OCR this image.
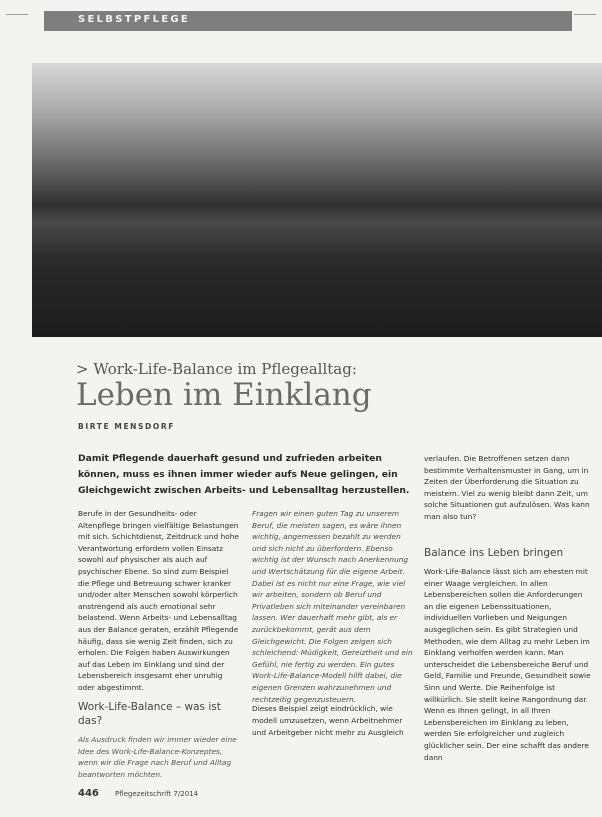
SELBSTPFLEGE
> Work-Life-Balance im Pflegealltag:
Leben im Einklang
BIRTE MENSDORF
Damit Pflegende dauerhaft gesund und zufrieden arbeiten können, muss es ihnen immer wieder aufs Neue gelingen, ein Gleichgewicht zwischen Arbeits- und Lebensalltag herzustellen.
Berufe in der Gesundheits- oder Altenpflege bringen vielfältige Belastungen mit sich. Schichtdienst, Zeitdruck und hohe Verantwortung erfordern vollen Einsatz sowohl auf physischer als auch auf psychischer Ebene. So sind zum Beispiel die Pflege und Betreuung schwer kranker und/oder alter Menschen sowohl körperlich anstrengend als auch emotional sehr belastend. Wenn Arbeits- und Lebensalltag aus der Balance geraten, erzählt Pflegende häufig, dass sie wenig Zeit finden, sich zu erholen. Die Folgen haben Auswirkungen auf das Leben im Einklang und sind der Lebensbereich insgesamt eher unruhig oder abgestimmt.
Work-Life-Balance – was ist das?
Als Ausdruck finden wir immer wieder eine Idee des Work-Life-Balance-Konzeptes, wenn wir die Frage nach Beruf und Alltag beantworten möchten.
Fragen wir einen guten Tag zu unserem Beruf, die meisten sagen, es wäre ihnen wichtig, angemessen bezahlt zu werden und sich nicht zu überfordern. Ebenso wichtig ist der Wunsch nach Anerkennung und Wertschätzung für die eigene Arbeit. Dabei ist es nicht nur eine Frage, wie viel wir arbeiten, sondern ob Beruf und Privatleben sich miteinander vereinbaren lassen. Wer dauerhaft mehr gibt, als er zurückbekommt, gerät aus dem Gleichgewicht. Die Folgen zeigen sich schleichend: Müdigkeit, Gereiztheit und ein Gefühl, nie fertig zu werden. Ein gutes Work-Life-Balance-Modell hilft dabei, die eigenen Grenzen wahrzunehmen und rechtzeitig gegenzusteuern.
Dieses Beispiel zeigt eindrücklich, wie modell umzusetzen, wenn Arbeitnehmer und Arbeitgeber nicht mehr zu Ausgleich
verlaufen. Die Betroffenen setzen dann bestimmte Verhaltensmuster in Gang, um in Zeiten der Überforderung die Situation zu meistern. Viel zu wenig bleibt dann Zeit, um solche Situationen gut aufzulösen. Was kann man also tun?
Balance ins Leben bringen
Work-Life-Balance lässt sich am ehesten mit einer Waage vergleichen. In allen Lebensbereichen sollen die Anforderungen an die eigenen Lebenssituationen, individuellen Vorlieben und Neigungen ausgeglichen sein. Es gibt Strategien und Methoden, wie dem Alltag zu mehr Leben im Einklang verholfen werden kann. Man unterscheidet die Lebensbereiche Beruf und Geld, Familie und Freunde, Gesundheit sowie Sinn und Werte. Die Reihenfolge ist willkürlich. Sie stellt keine Rangordnung dar. Wenn es Ihnen gelingt, in all Ihren Lebensbereichen im Einklang zu leben, werden Sie erfolgreicher und zugleich glücklicher sein. Der eine schafft das andere dann
446 Pflegezeitschrift 7/2014
